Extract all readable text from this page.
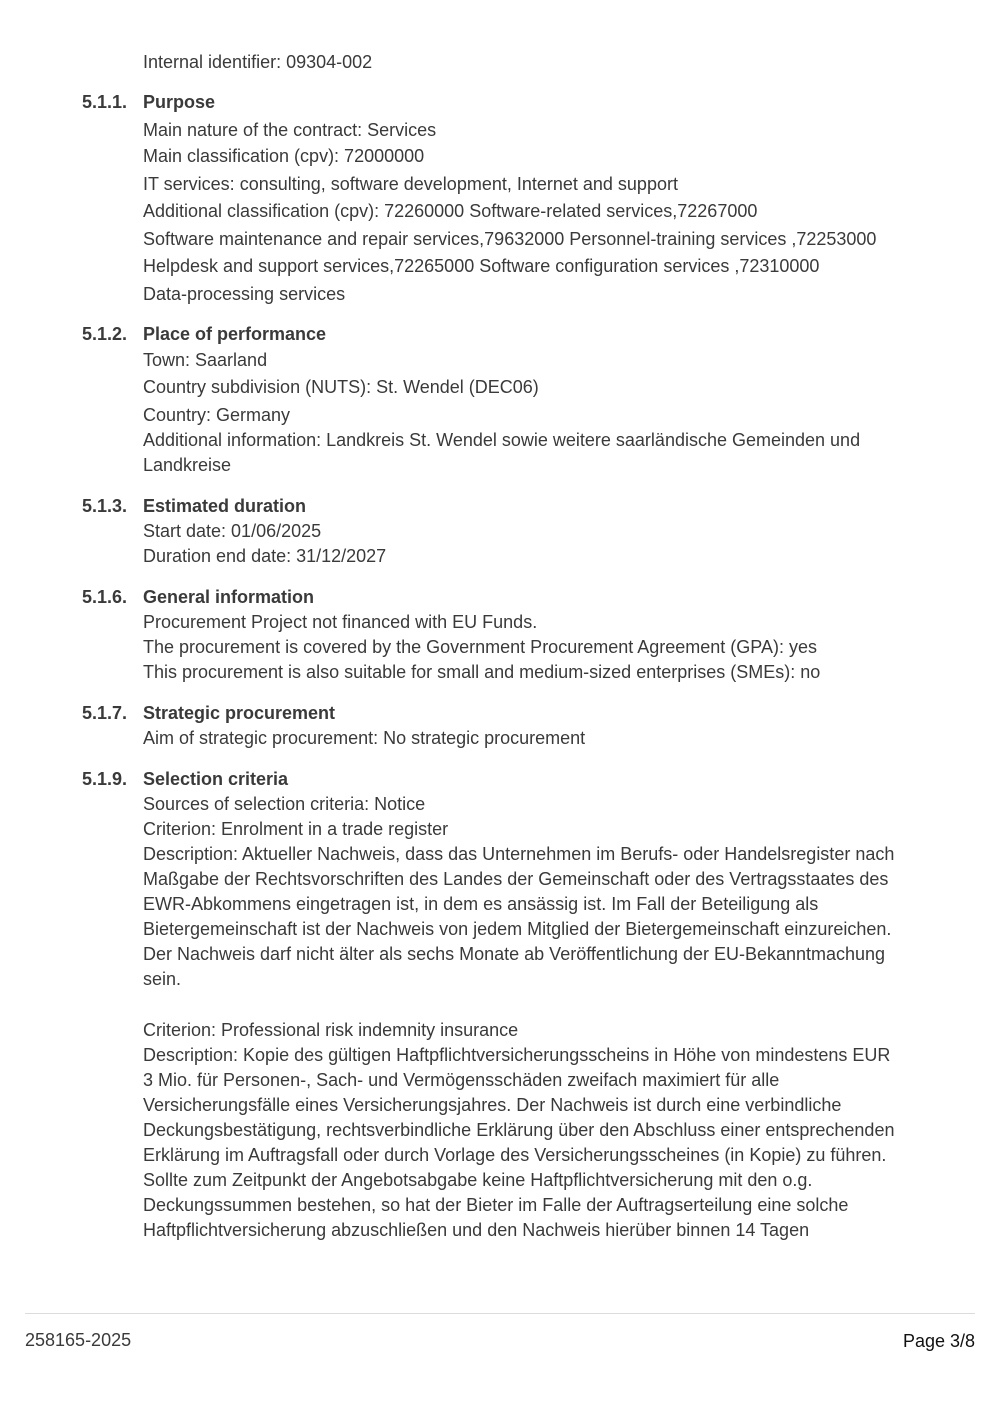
Internal identifier: 09304-002
5.1.1. Purpose
Main nature of the contract: Services
Main classification (cpv): 72000000
IT services: consulting, software development, Internet and support
Additional classification (cpv): 72260000 Software-related services,72267000
Software maintenance and repair services,79632000 Personnel-training services ,72253000
Helpdesk and support services,72265000 Software configuration services ,72310000
Data-processing services
5.1.2. Place of performance
Town: Saarland
Country subdivision (NUTS): St. Wendel (DEC06)
Country: Germany
Additional information: Landkreis St. Wendel sowie weitere saarländische Gemeinden und
Landkreise
5.1.3. Estimated duration
Start date: 01/06/2025
Duration end date: 31/12/2027
5.1.6. General information
Procurement Project not financed with EU Funds.
The procurement is covered by the Government Procurement Agreement (GPA): yes
This procurement is also suitable for small and medium-sized enterprises (SMEs): no
5.1.7. Strategic procurement
Aim of strategic procurement: No strategic procurement
5.1.9. Selection criteria
Sources of selection criteria: Notice
Criterion: Enrolment in a trade register
Description: Aktueller Nachweis, dass das Unternehmen im Berufs- oder Handelsregister nach
Maßgabe der Rechtsvorschriften des Landes der Gemeinschaft oder des Vertragsstaates des
EWR-Abkommens eingetragen ist, in dem es ansässig ist. Im Fall der Beteiligung als
Bietergemeinschaft ist der Nachweis von jedem Mitglied der Bietergemeinschaft einzureichen.
Der Nachweis darf nicht älter als sechs Monate ab Veröffentlichung der EU-Bekanntmachung
sein.
Criterion: Professional risk indemnity insurance
Description: Kopie des gültigen Haftpflichtversicherungsscheins in Höhe von mindestens EUR
3 Mio. für Personen-, Sach- und Vermögensschäden zweifach maximiert für alle
Versicherungsfälle eines Versicherungsjahres. Der Nachweis ist durch eine verbindliche
Deckungsbestätigung, rechtsverbindliche Erklärung über den Abschluss einer entsprechenden
Erklärung im Auftragsfall oder durch Vorlage des Versicherungsscheines (in Kopie) zu führen.
Sollte zum Zeitpunkt der Angebotsabgabe keine Haftpflichtversicherung mit den o.g.
Deckungssummen bestehen, so hat der Bieter im Falle der Auftragserteilung eine solche
Haftpflichtversicherung abzuschließen und den Nachweis hierüber binnen 14 Tagen
258165-2025	Page 3/8
